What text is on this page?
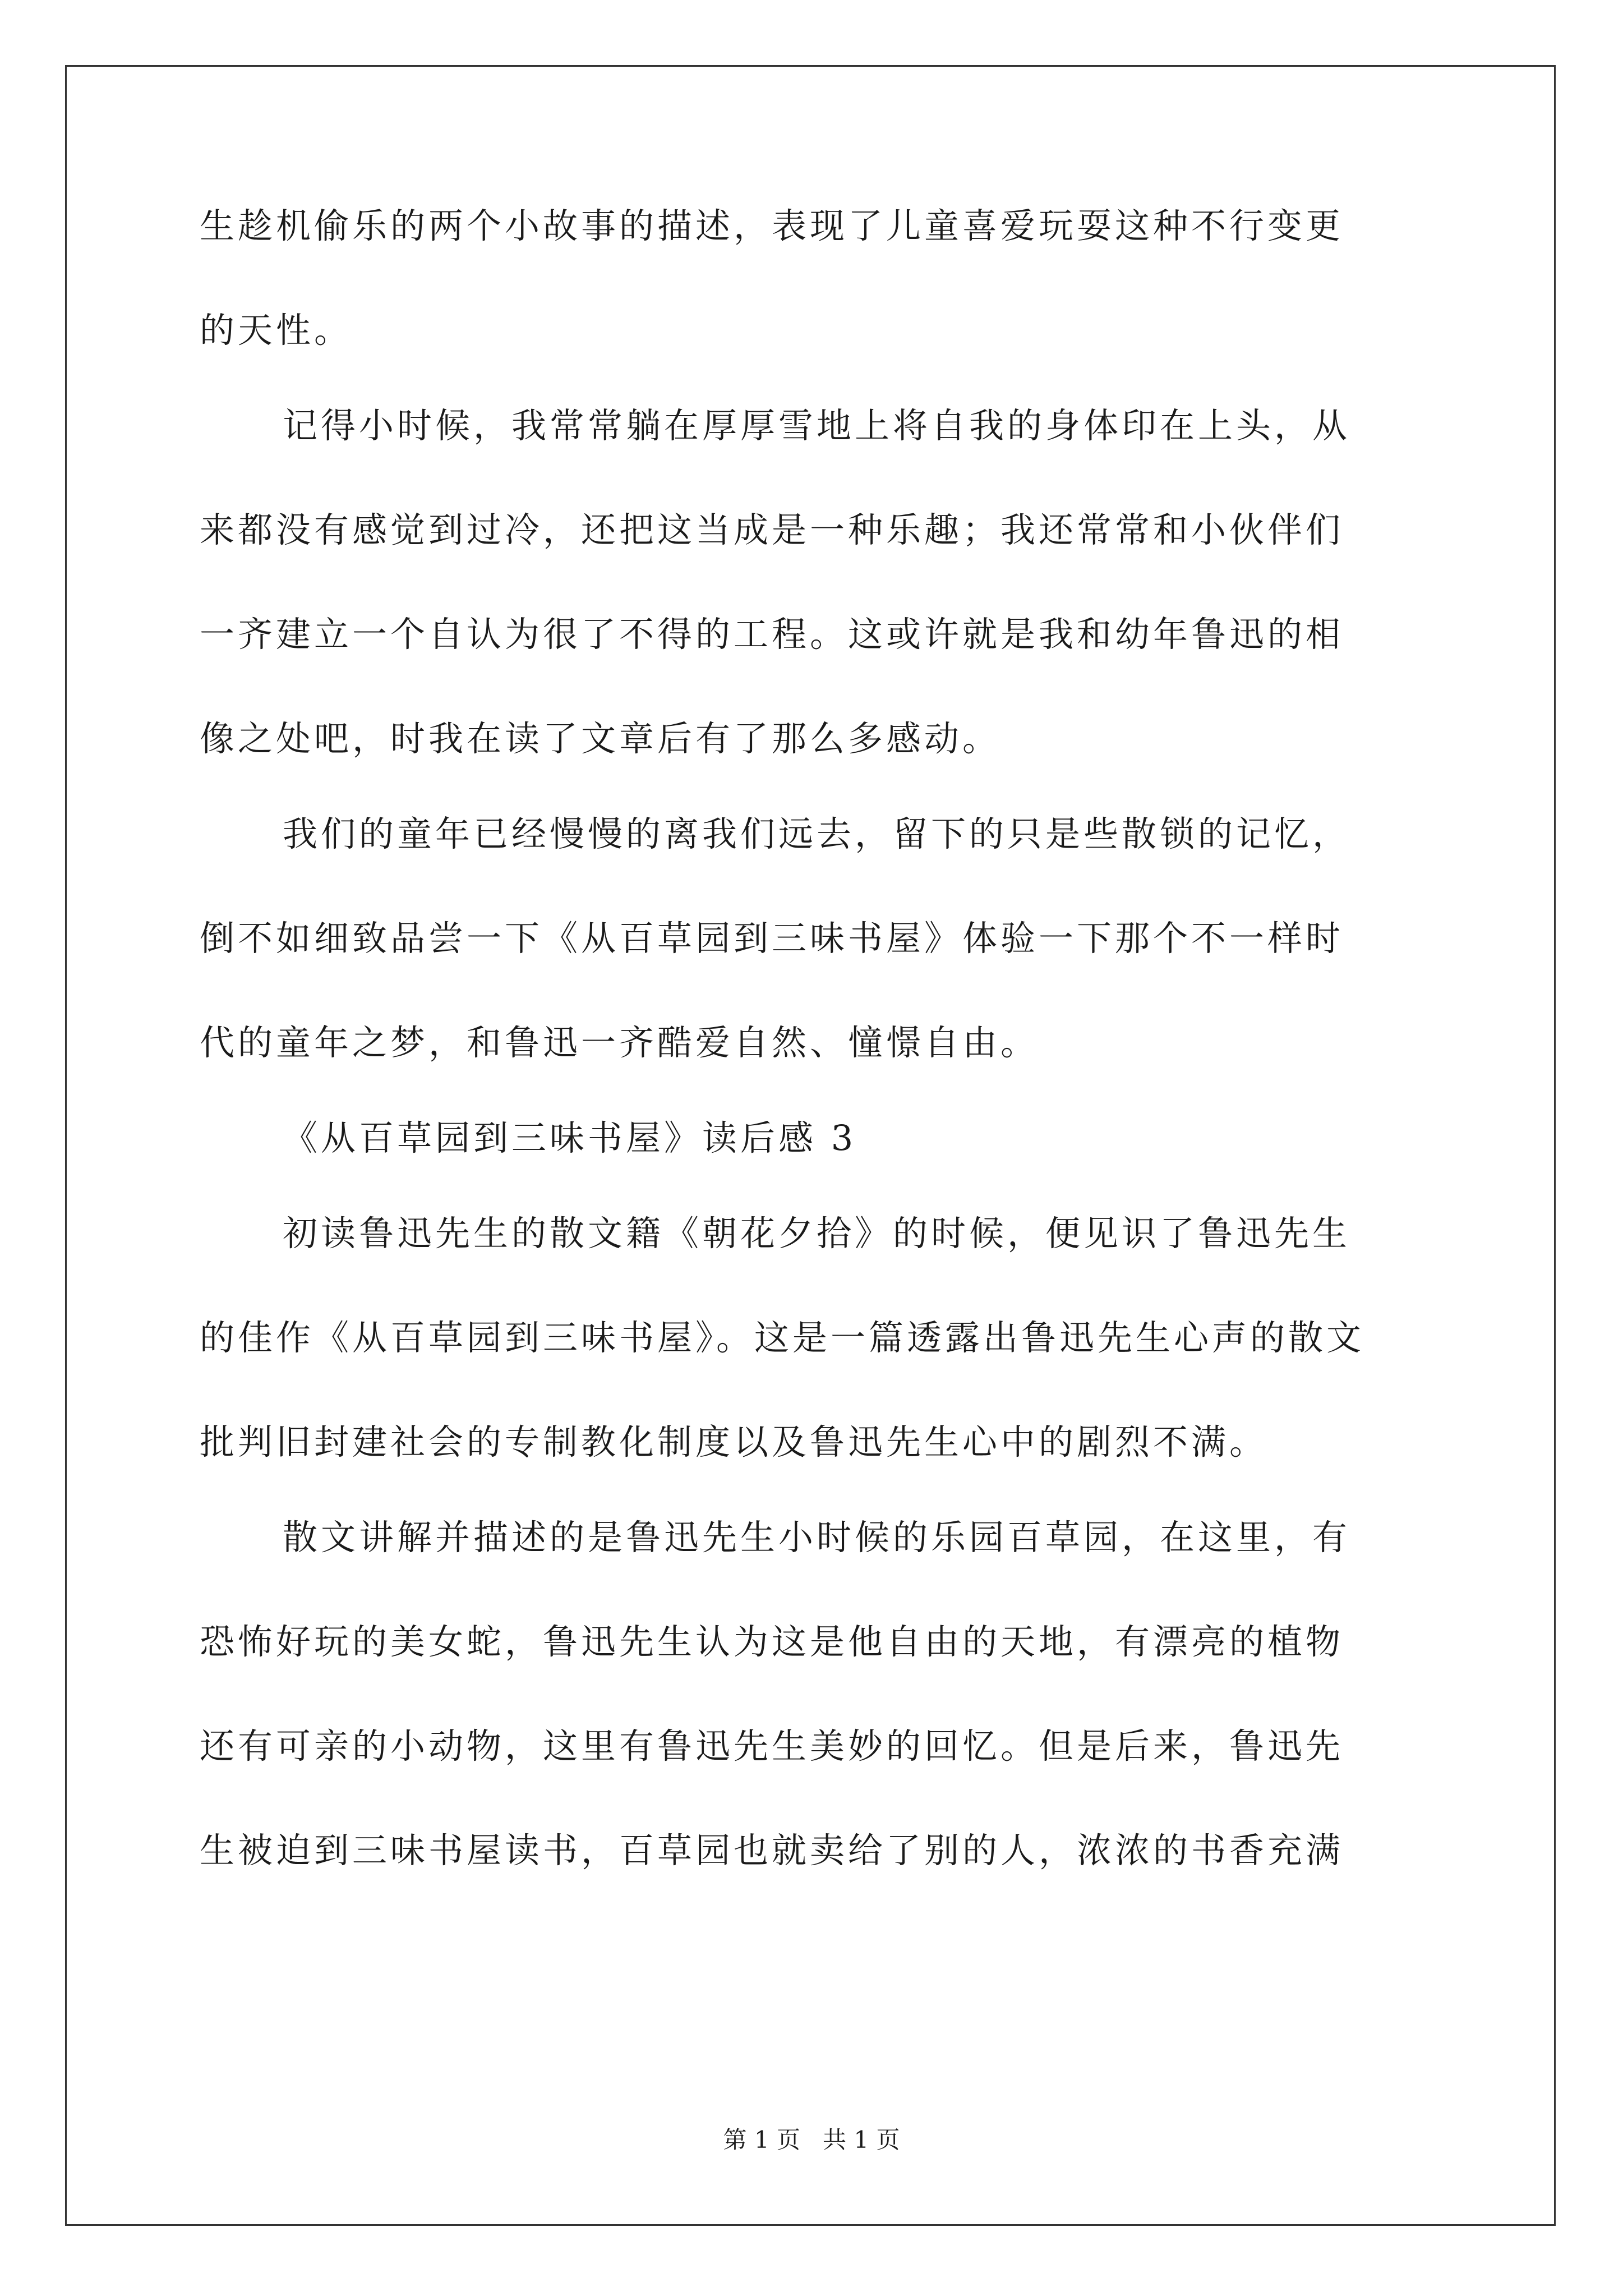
生趁机偷乐的两个小故事的描述，表现了儿童喜爱玩耍这种不行变更
的天性。
记得小时候，我常常躺在厚厚雪地上将自我的身体印在上头，从
来都没有感觉到过冷，还把这当成是一种乐趣；我还常常和小伙伴们
一齐建立一个自认为很了不得的工程。这或许就是我和幼年鲁迅的相
像之处吧，时我在读了文章后有了那么多感动。
我们的童年已经慢慢的离我们远去，留下的只是些散锁的记忆，
倒不如细致品尝一下《从百草园到三味书屋》体验一下那个不一样时
代的童年之梦，和鲁迅一齐酷爱自然、憧憬自由。
《从百草园到三味书屋》读后感 3
初读鲁迅先生的散文籍《朝花夕拾》的时候，便见识了鲁迅先生
的佳作《从百草园到三味书屋》。这是一篇透露出鲁迅先生心声的散文
批判旧封建社会的专制教化制度以及鲁迅先生心中的剧烈不满。
散文讲解并描述的是鲁迅先生小时候的乐园百草园，在这里，有
恐怖好玩的美女蛇，鲁迅先生认为这是他自由的天地，有漂亮的植物
还有可亲的小动物，这里有鲁迅先生美妙的回忆。但是后来，鲁迅先
生被迫到三味书屋读书，百草园也就卖给了别的人，浓浓的书香充满
第 1 页   共 1 页
